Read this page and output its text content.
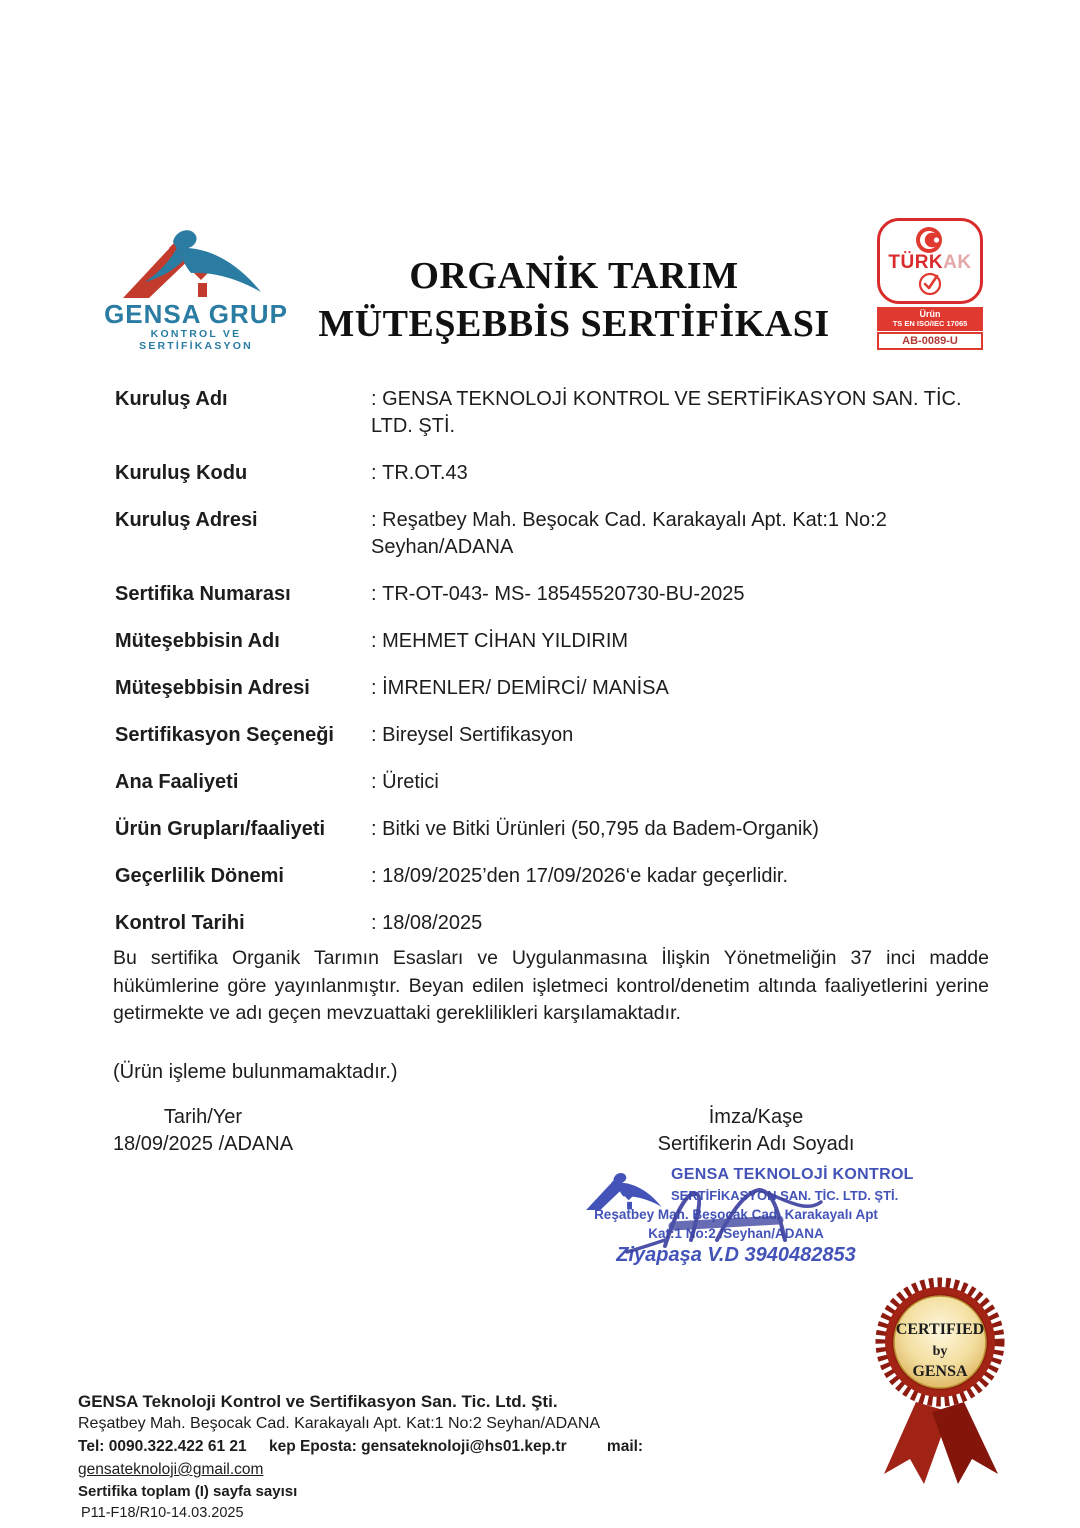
GENSA GRUP
KONTROL VE SERTİFİKASYON
ORGANİK TARIM
MÜTEŞEBBİS SERTİFİKASI
TÜRKAK
Ürün
TS EN ISO/IEC 17065
AB-0089-U
Kuruluş Adı	: GENSA TEKNOLOJİ KONTROL VE SERTİFİKASYON SAN. TİC. LTD. ŞTİ.
Kuruluş Kodu	: TR.OT.43
Kuruluş Adresi	: Reşatbey Mah. Beşocak Cad. Karakayalı Apt. Kat:1 No:2 Seyhan/ADANA
Sertifika Numarası	: TR-OT-043- MS- 18545520730-BU-2025
Müteşebbisin Adı	: MEHMET CİHAN YILDIRIM
Müteşebbisin Adresi	: İMRENLER/ DEMİRCİ/ MANİSA
Sertifikasyon Seçeneği	: Bireysel Sertifikasyon
Ana Faaliyeti	: Üretici
Ürün Grupları/faaliyeti	: Bitki ve Bitki Ürünleri (50,795 da Badem-Organik)
Geçerlilik Dönemi	: 18/09/2025’den 17/09/2026‘e kadar geçerlidir.
Kontrol Tarihi	: 18/08/2025
Bu sertifika Organik Tarımın Esasları ve Uygulanmasına İlişkin Yönetmeliğin 37 inci madde hükümlerine göre yayınlanmıştır. Beyan edilen işletmeci kontrol/denetim altında faaliyetlerini yerine getirmekte ve adı geçen mevzuattaki gereklilikleri karşılamaktadır.
(Ürün işleme bulunmamaktadır.)
Tarih/Yer
18/09/2025 /ADANA
İmza/Kaşe
Sertifikerin Adı Soyadı
GENSA TEKNOLOJİ KONTROL
SERTİFİKASYON SAN. TİC. LTD. ŞTİ.
Reşatbey Mah. Beşocak Cad. Karakayalı Apt
Kat:1 No:2 /Seyhan/ADANA
Ziyapaşa V.D 3940482853
CERTIFIED
by
GENSA
GENSA Teknoloji Kontrol ve Sertifikasyon San. Tic. Ltd. Şti.
Reşatbey Mah. Beşocak Cad. Karakayalı Apt. Kat:1 No:2 Seyhan/ADANA
Tel: 0090.322.422 61 21 kep Eposta: gensateknoloji@hs01.kep.tr	mail: gensateknoloji@gmail.com
Sertifika toplam (I) sayfa sayısı
P11-F18/R10-14.03.2025
